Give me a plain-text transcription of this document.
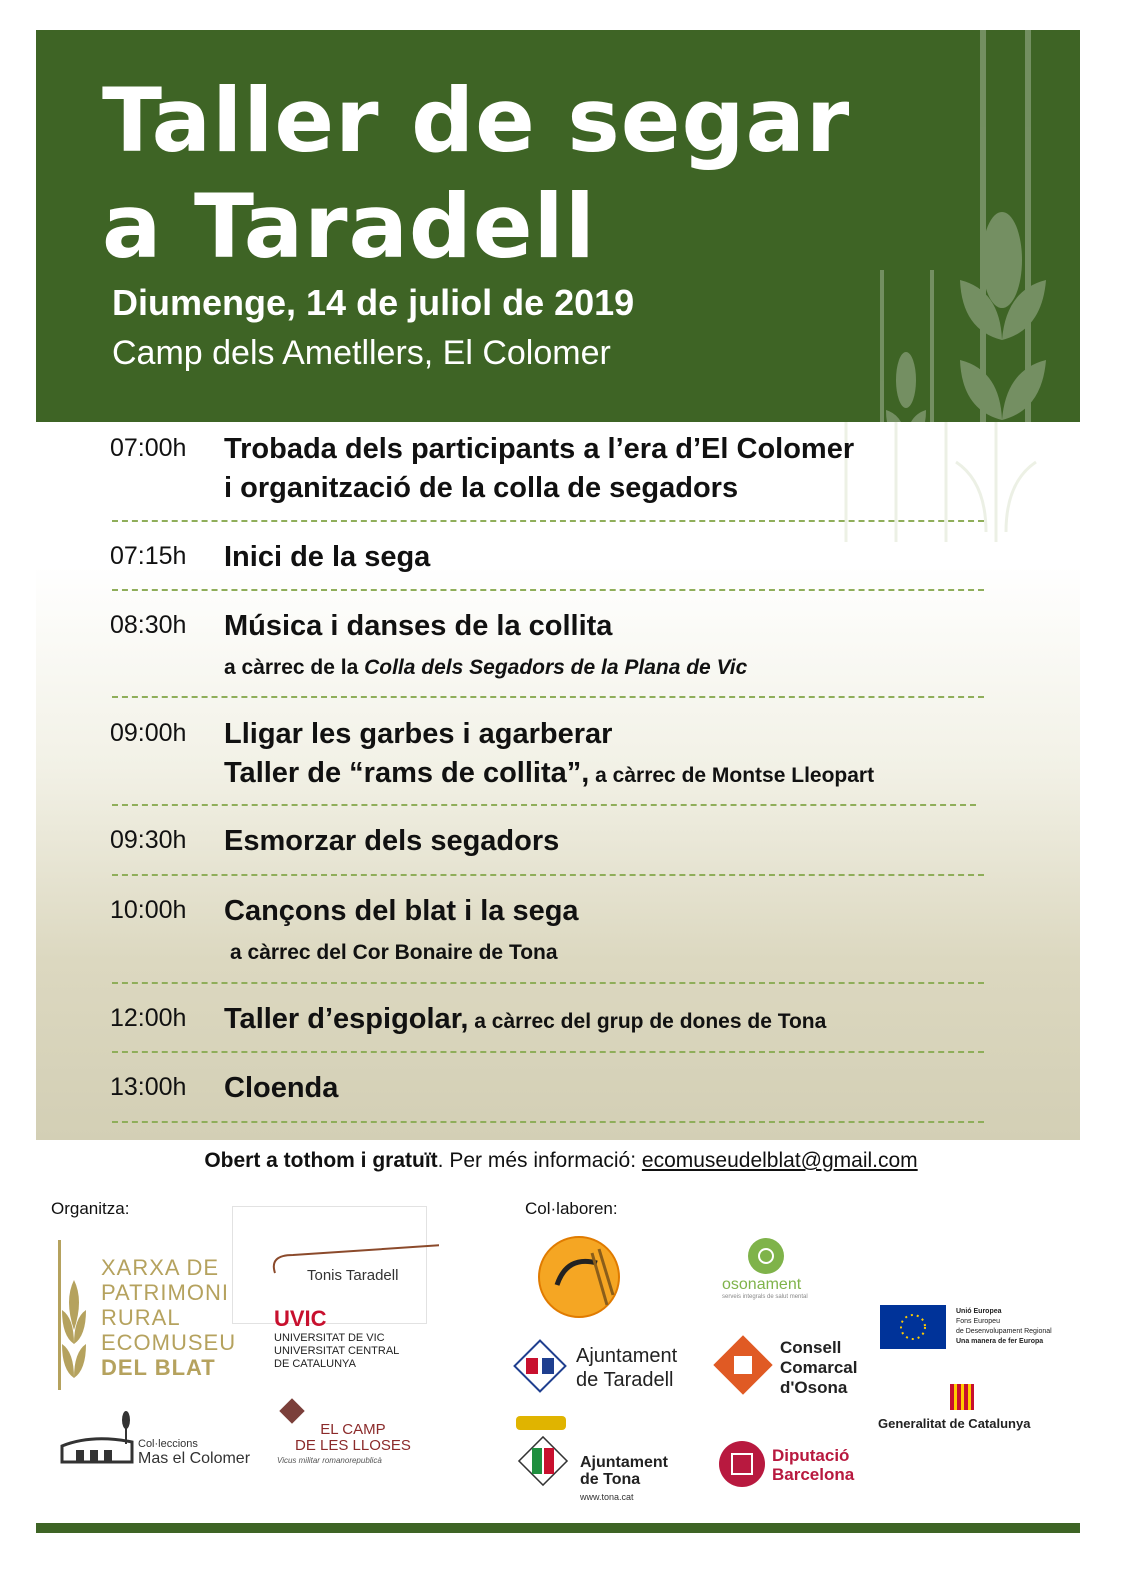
Taller de segar
a Taradell
Diumenge, 14 de juliol de 2019
Camp dels Ametllers, El Colomer
07:00h Trobada dels participants a l’era d’El Colomer
i organització de la colla de segadors
07:15h Inici de la sega
08:30h Música i danses de la collita
a càrrec de la Colla dels Segadors de la Plana de Vic
09:00h Lligar les garbes i agarberar
Taller de “rams de collita”, a càrrec de Montse Lleopart
09:30h Esmorzar dels segadors
10:00h Cançons del blat i la sega
a càrrec del Cor Bonaire de Tona
12:00h Taller d’espigolar, a càrrec del grup de dones de Tona
13:00h Cloenda
Obert a tothom i gratuït. Per més informació: ecomuseudelblat@gmail.com
Organitza:	Col·laboren:
XARXA DE
PATRIMONI
RURAL
ECOMUSEU
DEL BLAT
Tonis Taradell
UVIC
UNIVERSITAT DE VIC
UNIVERSITAT CENTRAL
DE CATALUNYA
Col·leccions
Mas el Colomer
EL CAMP
DE LES LLOSES
Vicus militar romanorepublicà
osonament
serveis integrals de salut mental
Unió Europea
Fons Europeu
de Desenvolupament Regional
Una manera de fer Europa
Ajuntament
de Taradell
Consell
Comarcal
d'Osona
Generalitat de Catalunya
Ajuntament
de Tona
www.tona.cat
Diputació
Barcelona
